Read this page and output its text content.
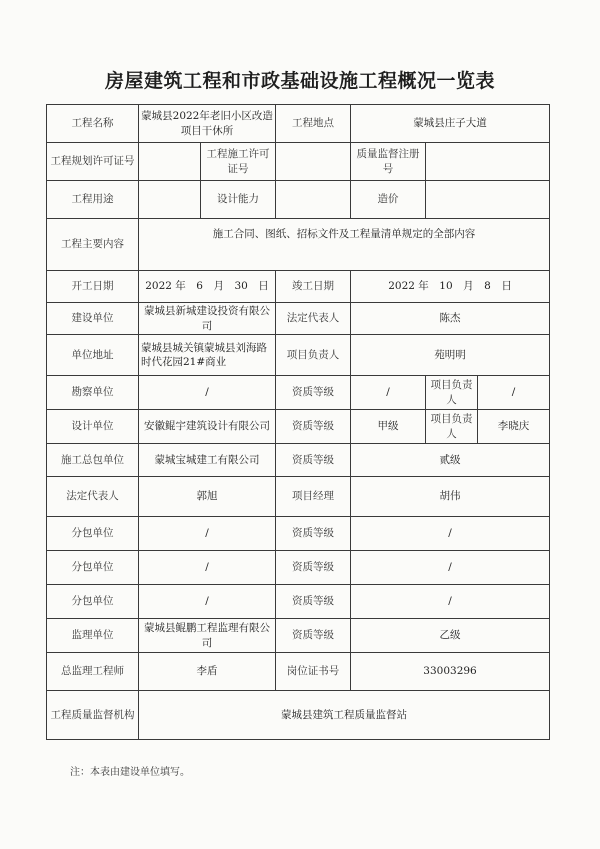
房屋建筑工程和市政基础设施工程概况一览表
工程名称	蒙城县2022年老旧小区改造项目干休所		工程地点	蒙城县庄子大道		
工程规划许可证号		工程施工许可证号		质量监督注册号		
工程用途		设计能力		造价		
工程主要内容	施工合同、图纸、招标文件及工程量清单规定的全部内容					
开工日期	2022 年　6　月　30　日		竣工日期	2022 年　10　月　8　日		
建设单位	蒙城县新城建设投资有限公司		法定代表人	陈杰		
单位地址	蒙城县城关镇蒙城县刘海路时代花园21#商业		项目负责人	苑明明		
勘察单位	/		资质等级	/	项目负责人	/
设计单位	安徽鲲宇建筑设计有限公司		资质等级	甲级	项目负责人	李晓庆
施工总包单位	蒙城宝城建工有限公司		资质等级	贰级		
法定代表人	郭旭		项目经理	胡伟		
分包单位	/		资质等级	/		
分包单位	/		资质等级	/		
分包单位	/		资质等级	/		
监理单位	蒙城县鲲鹏工程监理有限公司		资质等级	乙级		
总监理工程师	李盾		岗位证书号	33003296		
工程质量监督机构	蒙城县建筑工程质量监督站					
注：本表由建设单位填写。
